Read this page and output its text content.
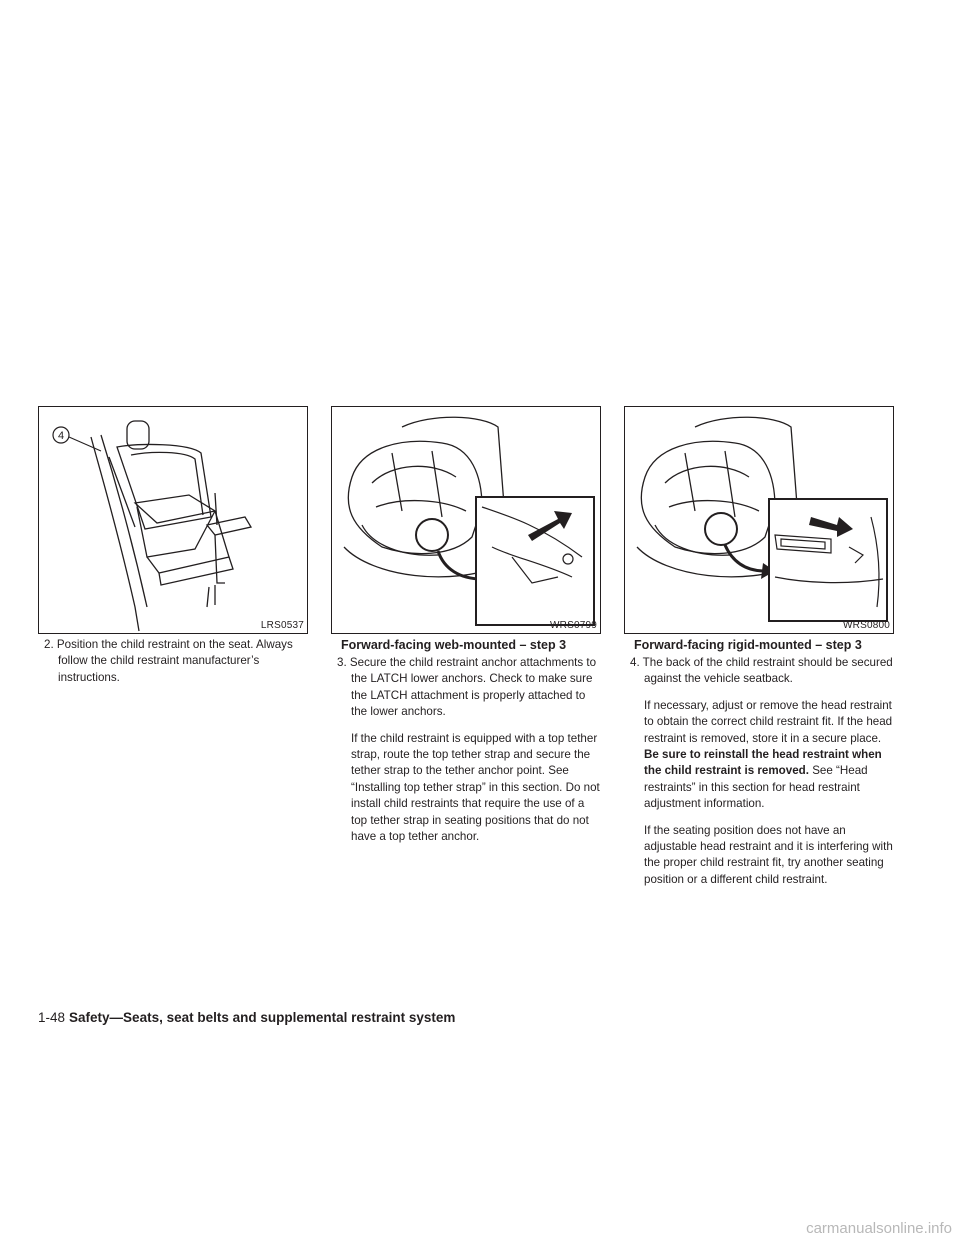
4
LRS0537

2. Position the child restraint on the seat. Always follow the child restraint manufacturer’s instructions.

WRS0799
Forward-facing web-mounted – step 3

3. Secure the child restraint anchor attachments to the LATCH lower anchors. Check to make sure the LATCH attachment is properly attached to the lower anchors.

If the child restraint is equipped with a top tether strap, route the top tether strap and secure the tether strap to the tether anchor point. See “Installing top tether strap” in this section. Do not install child restraints that require the use of a top tether strap in seating positions that do not have a top tether anchor.

WRS0800
Forward-facing rigid-mounted – step 3

4. The back of the child restraint should be secured against the vehicle seatback.

If necessary, adjust or remove the head restraint to obtain the correct child restraint fit. If the head restraint is removed, store it in a secure place. Be sure to reinstall the head restraint when the child restraint is removed. See “Head restraints” in this section for head restraint adjustment information.

If the seating position does not have an adjustable head restraint and it is interfering with the proper child restraint fit, try another seating position or a different child restraint.

1-48 Safety—Seats, seat belts and supplemental restraint system
carmanualsonline.info
